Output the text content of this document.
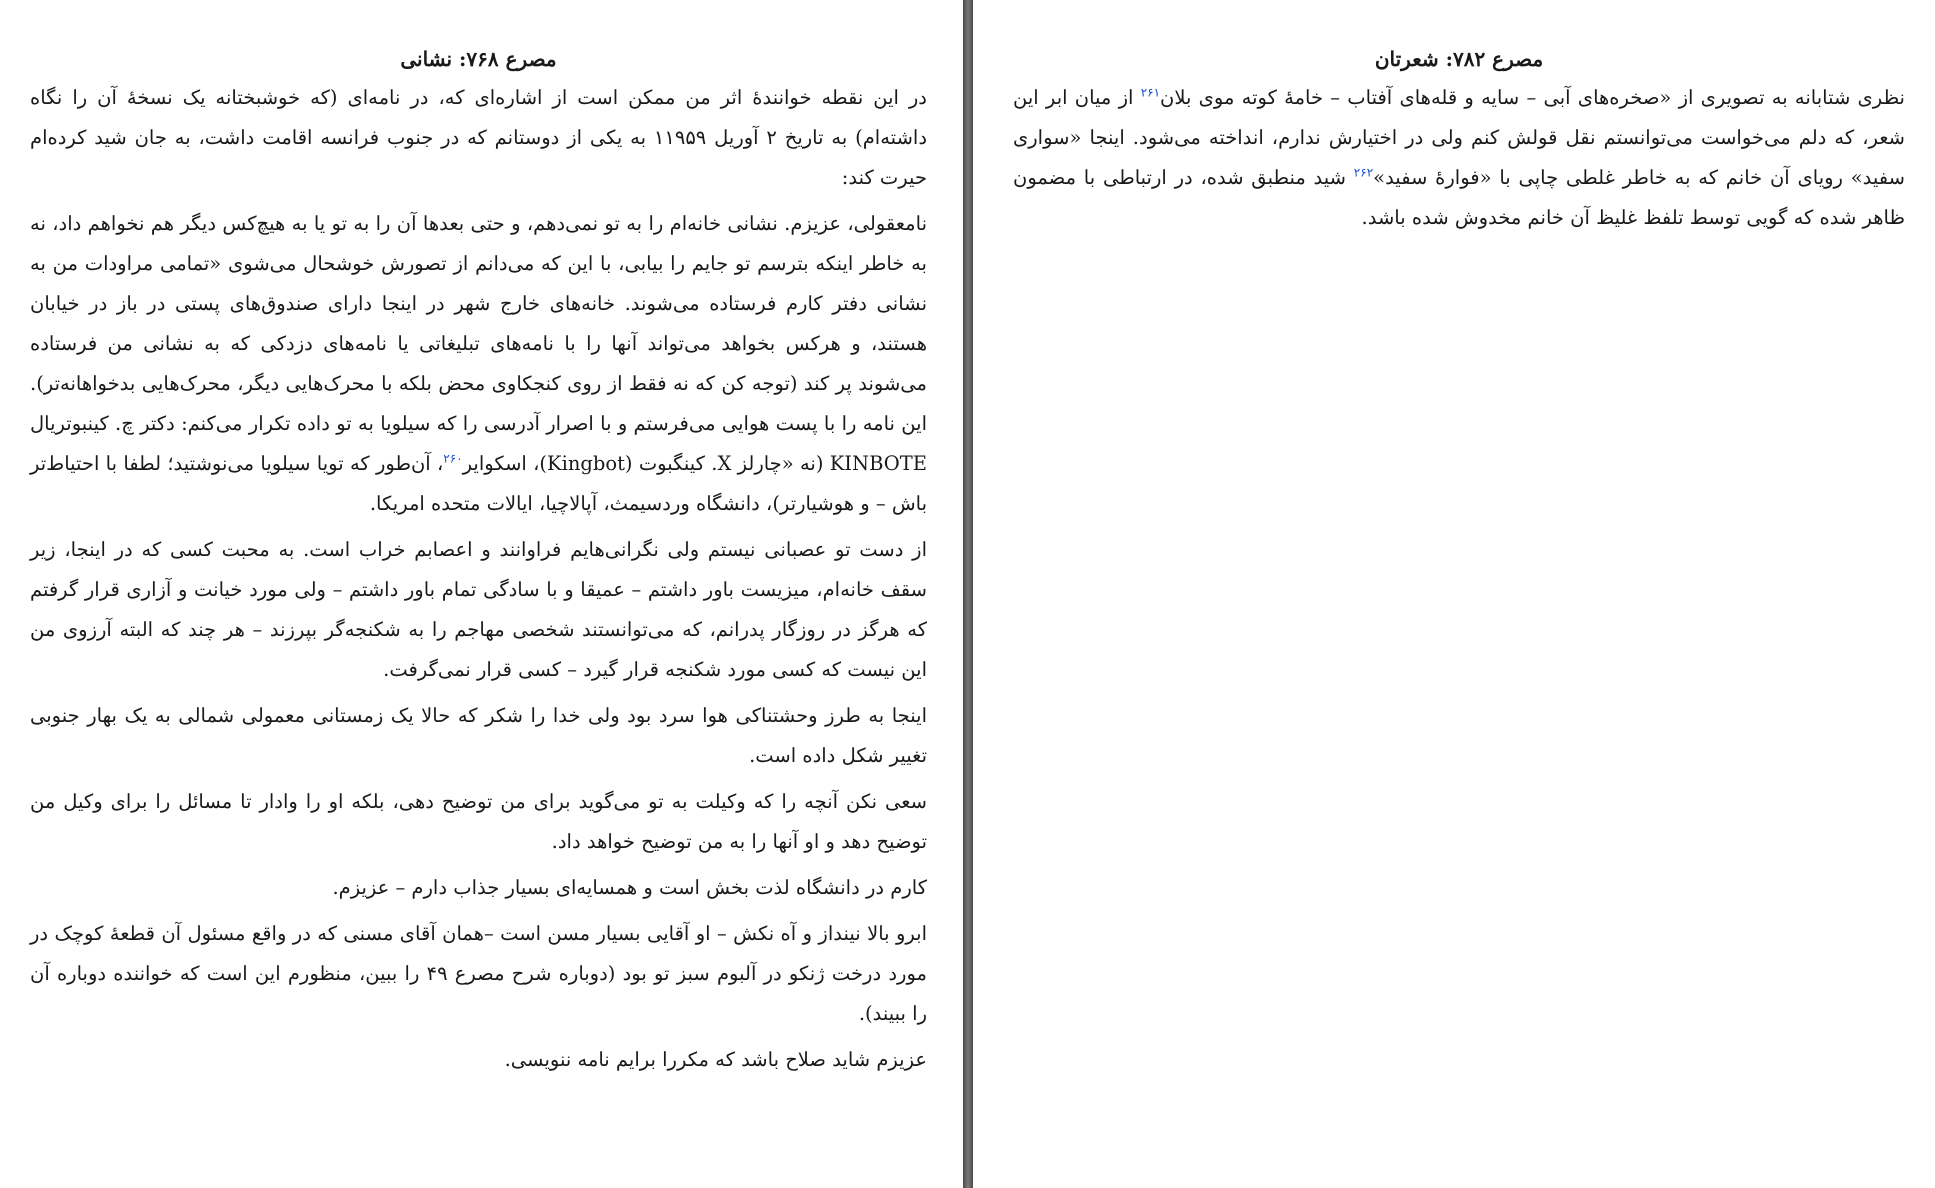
مصرع ۷۸۲: شعرتان

نظری شتابانه به تصویری از «صخره‌های آبی – سایه و قله‌های آفتاب – خامهٔ کوته موی بلان$^{۲۶۱}$ از میان ابر این شعر، که دلم می‌خواست می‌توانستم نقل قولش کنم ولی در اختیارش ندارم، انداخته می‌شود. اینجا «سواری سفید» رویای آن خانم که به خاطر غلطی چاپی با «فوارهٔ سفید»$^{۲۶۲}$ شید منطبق شده، در ارتباطی با مضمون ظاهر شده که گویی توسط تلفظ غلیظ آن خانم مخدوش شده باشد.

مصرع ۷۶۸: نشانی

در این نقطه خوانندهٔ اثر من ممکن است از اشاره‌ای که، در نامه‌ای (که خوشبختانه یک نسخهٔ آن را نگاه داشته‌ام) به تاریخ ۲ آوریل ۱۱۹۵۹ به یکی از دوستانم که در جنوب فرانسه اقامت داشت، به جان شید کرده‌ام حیرت کند:

نامعقولی، عزیزم. نشانی خانه‌ام را به تو نمی‌دهم، و حتی بعدها آن را به تو یا به هیچ‌کس دیگر هم نخواهم داد، نه به خاطر اینکه بترسم تو جایم را بیابی، با این که می‌دانم از تصورش خوشحال می‌شوی «تمامی مراودات من به نشانی دفتر کارم فرستاده می‌شوند. خانه‌های خارج شهر در اینجا دارای صندوق‌های پستی در باز در خیابان هستند، و هرکس بخواهد می‌تواند آنها را با نامه‌های تبلیغاتی یا نامه‌های دزدکی که به نشانی من فرستاده می‌شوند پر کند (توجه کن که نه فقط از روی کنجکاوی محض بلکه با محرک‌هایی دیگر، محرک‌هایی بدخواهانه‌تر). این نامه را با پست هوایی می‌فرستم و با اصرار آدرسی را که سیلویا به تو داده تکرار می‌کنم: دکتر چ. کینبوتریال KINBOTE (نه «چارلز X. کینگبوت (Kingbot)، اسکوایر$^{۲۶۰}$، آن‌طور که تویا سیلویا می‌نوشتید؛ لطفا با احتیاط‌تر باش – و هوشیارتر)، دانشگاه وردسیمث، آپالاچیا، ایالات متحده امریکا.

از دست تو عصبانی نیستم ولی نگرانی‌هایم فراوانند و اعصابم خراب است. به محبت کسی که در اینجا، زیر سقف خانه‌ام، میزیست باور داشتم – عمیقا و با سادگی تمام باور داشتم – ولی مورد خیانت و آزاری قرار گرفتم که هرگز در روزگار پدرانم، که می‌توانستند شخصی مهاجم را به شکنجه‌گر بپرزند – هر چند که البته آرزوی من این نیست که کسی مورد شکنجه قرار گیرد – کسی قرار نمی‌گرفت.

اینجا به طرز وحشتناکی هوا سرد بود ولی خدا را شکر که حالا یک زمستانی معمولی شمالی به یک بهار جنوبی تغییر شکل داده است.

سعی نکن آنچه را که وکیلت به تو می‌گوید برای من توضیح دهی، بلکه او را وادار تا مسائل را برای وکیل من توضیح دهد و او آنها را به من توضیح خواهد داد.

کارم در دانشگاه لذت بخش است و همسایه‌ای بسیار جذاب دارم – عزیزم.

ابرو بالا نینداز و آه نکش – او آقایی بسیار مسن است –همان آقای مسنی که در واقع مسئول آن قطعهٔ کوچک در مورد درخت ژنکو در آلبوم سبز تو بود (دوباره شرح مصرع ۴۹ را ببین، منظورم این است که خواننده دوباره آن را ببیند).

عزیزم شاید صلاح باشد که مکررا برایم نامه ننویسی.
